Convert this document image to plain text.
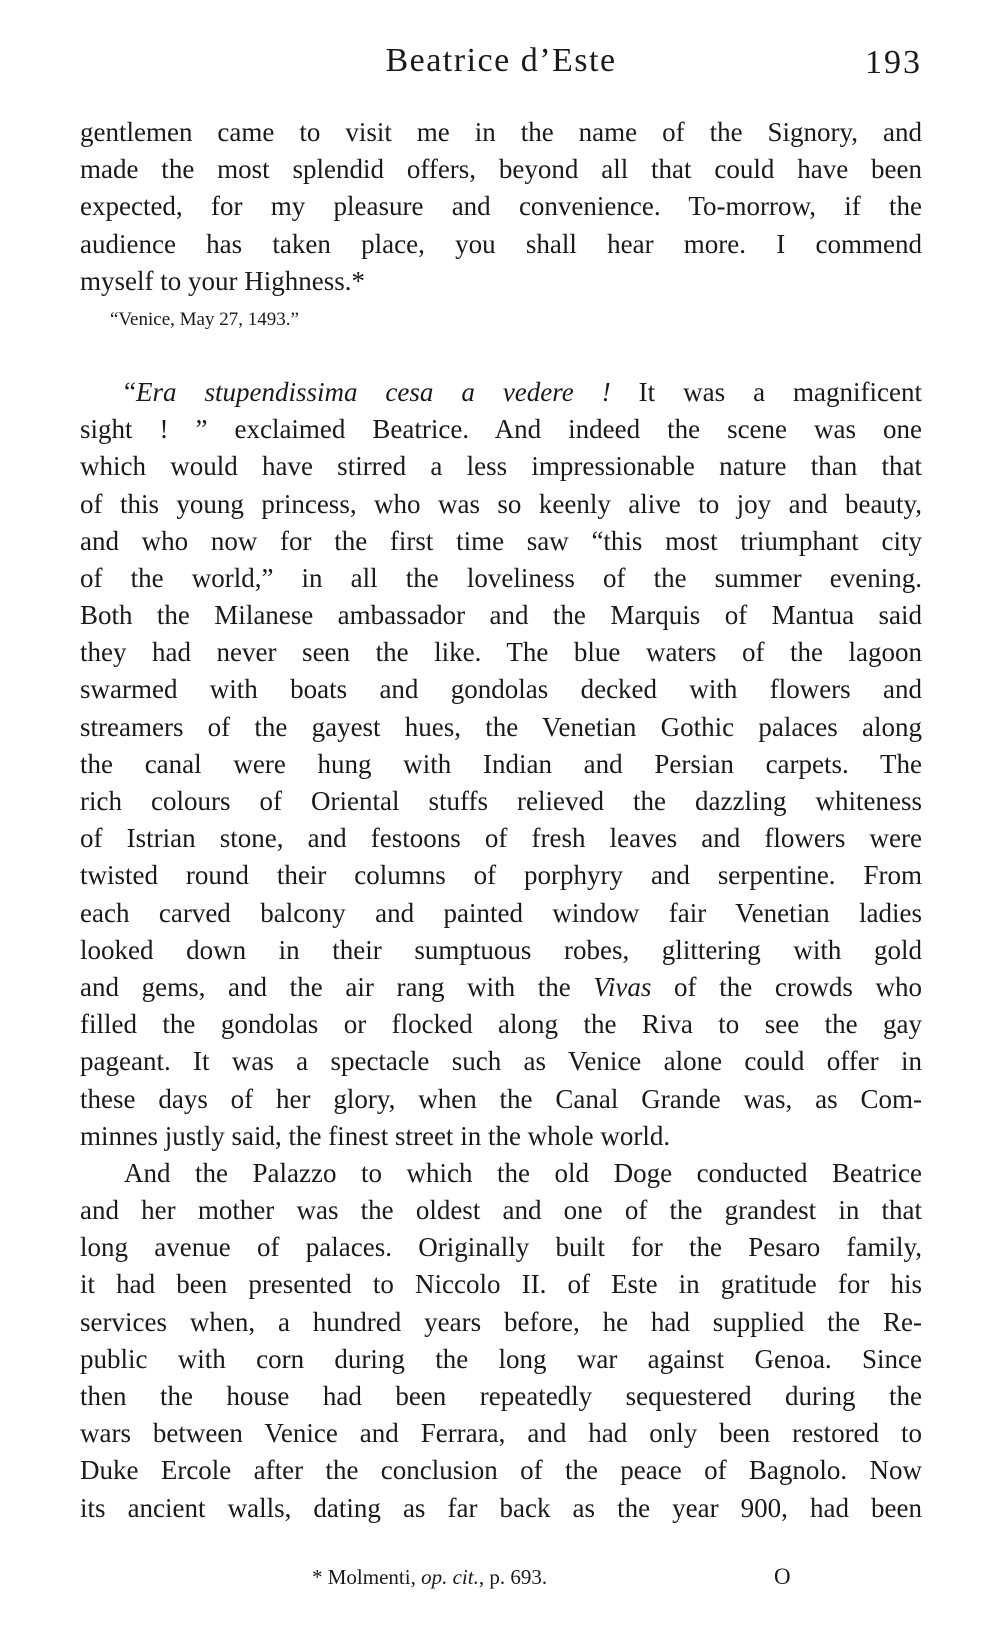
Beatrice d’Este	193
gentlemen came to visit me in the name of the Signory, and
made the most splendid offers, beyond all that could have been
expected, for my pleasure and convenience. To-morrow, if the
audience has taken place, you shall hear more. I commend
myself to your Highness.*
“Venice, May 27, 1493.”
“Era stupendissima cesa a vedere ! It was a magnificent
sight ! ” exclaimed Beatrice. And indeed the scene was one
which would have stirred a less impressionable nature than that
of this young princess, who was so keenly alive to joy and beauty,
and who now for the first time saw “this most triumphant city
of the world,” in all the loveliness of the summer evening.
Both the Milanese ambassador and the Marquis of Mantua said
they had never seen the like. The blue waters of the lagoon
swarmed with boats and gondolas decked with flowers and
streamers of the gayest hues, the Venetian Gothic palaces along
the canal were hung with Indian and Persian carpets. The
rich colours of Oriental stuffs relieved the dazzling whiteness
of Istrian stone, and festoons of fresh leaves and flowers were
twisted round their columns of porphyry and serpentine. From
each carved balcony and painted window fair Venetian ladies
looked down in their sumptuous robes, glittering with gold
and gems, and the air rang with the Vivas of the crowds who
filled the gondolas or flocked along the Riva to see the gay
pageant. It was a spectacle such as Venice alone could offer in
these days of her glory, when the Canal Grande was, as Com-
minnes justly said, the finest street in the whole world.
And the Palazzo to which the old Doge conducted Beatrice
and her mother was the oldest and one of the grandest in that
long avenue of palaces. Originally built for the Pesaro family,
it had been presented to Niccolo II. of Este in gratitude for his
services when, a hundred years before, he had supplied the Re-
public with corn during the long war against Genoa. Since
then the house had been repeatedly sequestered during the
wars between Venice and Ferrara, and had only been restored to
Duke Ercole after the conclusion of the peace of Bagnolo. Now
its ancient walls, dating as far back as the year 900, had been
* Molmenti, op. cit., p. 693.	O
